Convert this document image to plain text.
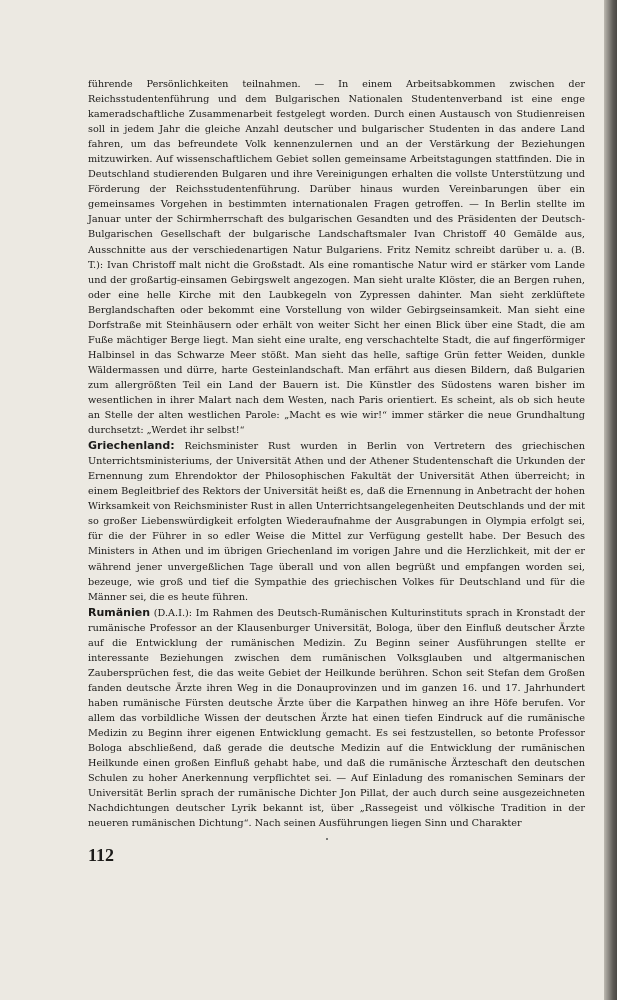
führende Persönlichkeiten teilnahmen. — In einem Arbeitsabkommen zwischen der Reichsstudentenführung und dem Bulgarischen Nationalen Studentenverband ist eine enge kameradschaftliche Zusammenarbeit festgelegt worden. Durch einen Austausch von Studienreisen soll in jedem Jahr die gleiche Anzahl deutscher und bulgarischer Studenten in das andere Land fahren, um das befreundete Volk kennenzulernen und an der Verstärkung der Beziehungen mitzuwirken. Auf wissenschaftlichem Gebiet sollen gemeinsame Arbeitstagungen stattfinden. Die in Deutschland studierenden Bulgaren und ihre Vereinigungen erhalten die vollste Unterstützung und Förderung der Reichsstudentenführung. Darüber hinaus wurden Vereinbarungen über ein gemeinsames Vorgehen in bestimmten internationalen Fragen getroffen. — In Berlin stellte im Januar unter der Schirmherrschaft des bulgarischen Gesandten und des Präsidenten der Deutsch-Bulgarischen Gesellschaft der bulgarische Landschaftsmaler Ivan Christoff 40 Gemälde aus, Ausschnitte aus der verschiedenartigen Natur Bulgariens. Fritz Nemitz schreibt darüber u. a. (B. T.): Ivan Christoff malt nicht die Großstadt. Als eine romantische Natur wird er stärker vom Lande und der großartig-einsamen Gebirgswelt angezogen. Man sieht uralte Klöster, die an Bergen ruhen, oder eine helle Kirche mit den Laubkegeln von Zypressen dahinter. Man sieht zerklüftete Berglandschaften oder bekommt eine Vorstellung von wilder Gebirgseinsamkeit. Man sieht eine Dorfstraße mit Steinhäusern oder erhält von weiter Sicht her einen Blick über eine Stadt, die am Fuße mächtiger Berge liegt. Man sieht eine uralte, eng verschachtelte Stadt, die auf fingerförmiger Halbinsel in das Schwarze Meer stößt. Man sieht das helle, saftige Grün fetter Weiden, dunkle Wäldermassen und dürre, harte Gesteinlandschaft. Man erfährt aus diesen Bildern, daß Bulgarien zum allergrößten Teil ein Land der Bauern ist. Die Künstler des Südostens waren bisher im wesentlichen in ihrer Malart nach dem Westen, nach Paris orientiert. Es scheint, als ob sich heute an Stelle der alten westlichen Parole: „Macht es wie wir!“ immer stärker die neue Grundhaltung durchsetzt: „Werdet ihr selbst!“

Griechenland: Reichsminister Rust wurden in Berlin von Vertretern des griechischen Unterrichtsministeriums, der Universität Athen und der Athener Studentenschaft die Urkunden der Ernennung zum Ehrendoktor der Philosophischen Fakultät der Universität Athen überreicht; in einem Begleitbrief des Rektors der Universität heißt es, daß die Ernennung in Anbetracht der hohen Wirksamkeit von Reichsminister Rust in allen Unterrichtsangelegenheiten Deutschlands und der mit so großer Liebenswürdigkeit erfolgten Wiederaufnahme der Ausgrabungen in Olympia erfolgt sei, für die der Führer in so edler Weise die Mittel zur Verfügung gestellt habe. Der Besuch des Ministers in Athen und im übrigen Griechenland im vorigen Jahre und die Herzlichkeit, mit der er während jener unvergeßlichen Tage überall und von allen begrüßt und empfangen worden sei, bezeuge, wie groß und tief die Sympathie des griechischen Volkes für Deutschland und für die Männer sei, die es heute führen.

Rumänien (D.A.I.): Im Rahmen des Deutsch-Rumänischen Kulturinstituts sprach in Kronstadt der rumänische Professor an der Klausenburger Universität, Bologa, über den Einfluß deutscher Ärzte auf die Entwicklung der rumänischen Medizin. Zu Beginn seiner Ausführungen stellte er interessante Beziehungen zwischen dem rumänischen Volksglauben und altgermanischen Zaubersprüchen fest, die das weite Gebiet der Heilkunde berühren. Schon seit Stefan dem Großen fanden deutsche Ärzte ihren Weg in die Donauprovinzen und im ganzen 16. und 17. Jahrhundert haben rumänische Fürsten deutsche Ärzte über die Karpathen hinweg an ihre Höfe berufen. Vor allem das vorbildliche Wissen der deutschen Ärzte hat einen tiefen Eindruck auf die rumänische Medizin zu Beginn ihrer eigenen Entwicklung gemacht. Es sei festzustellen, so betonte Professor Bologa abschließend, daß gerade die deutsche Medizin auf die Entwicklung der rumänischen Heilkunde einen großen Einfluß gehabt habe, und daß die rumänische Ärzteschaft den deutschen Schulen zu hoher Anerkennung verpflichtet sei. — Auf Einladung des romanischen Seminars der Universität Berlin sprach der rumänische Dichter Jon Pillat, der auch durch seine ausgezeichneten Nachdichtungen deutscher Lyrik bekannt ist, über „Rassegeist und völkische Tradition in der neueren rumänischen Dichtung“. Nach seinen Ausführungen liegen Sinn und Charakter

112
